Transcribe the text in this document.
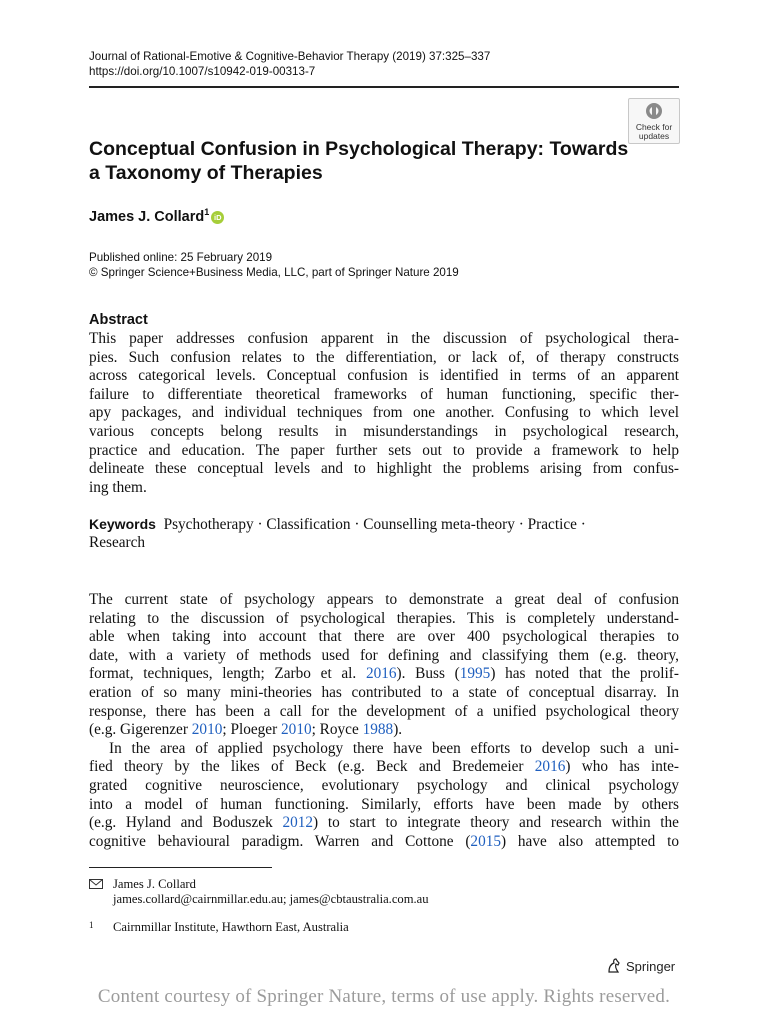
Journal of Rational-Emotive & Cognitive-Behavior Therapy (2019) 37:325–337
https://doi.org/10.1007/s10942-019-00313-7
Check for
updates
Conceptual Confusion in Psychological Therapy: Towards
a Taxonomy of Therapies
James J. Collard$^1$iD
Published online: 25 February 2019
© Springer Science+Business Media, LLC, part of Springer Nature 2019
Abstract
This paper addresses confusion apparent in the discussion of psychological thera-
pies. Such confusion relates to the differentiation, or lack of, of therapy constructs
across categorical levels. Conceptual confusion is identified in terms of an apparent
failure to differentiate theoretical frameworks of human functioning, specific ther-
apy packages, and individual techniques from one another. Confusing to which level
various concepts belong results in misunderstandings in psychological research,
practice and education. The paper further sets out to provide a framework to help
delineate these conceptual levels and to highlight the problems arising from confus-
ing them.
Keywords Psychotherapy · Classification · Counselling meta-theory · Practice ·
Research
The current state of psychology appears to demonstrate a great deal of confusion
relating to the discussion of psychological therapies. This is completely understand-
able when taking into account that there are over 400 psychological therapies to
date, with a variety of methods used for defining and classifying them (e.g. theory,
format, techniques, length; Zarbo et al. 2016). Buss (1995) has noted that the prolif-
eration of so many mini-theories has contributed to a state of conceptual disarray. In
response, there has been a call for the development of a unified psychological theory
(e.g. Gigerenzer 2010; Ploeger 2010; Royce 1988).
In the area of applied psychology there have been efforts to develop such a uni-
fied theory by the likes of Beck (e.g. Beck and Bredemeier 2016) who has inte-
grated cognitive neuroscience, evolutionary psychology and clinical psychology
into a model of human functioning. Similarly, efforts have been made by others
(e.g. Hyland and Boduszek 2012) to start to integrate theory and research within the
cognitive behavioural paradigm. Warren and Cottone (2015) have also attempted to
James J. Collard
james.collard@cairnmillar.edu.au; james@cbtaustralia.com.au
1 Cairnmillar Institute, Hawthorn East, Australia
Springer
Content courtesy of Springer Nature, terms of use apply. Rights reserved.
